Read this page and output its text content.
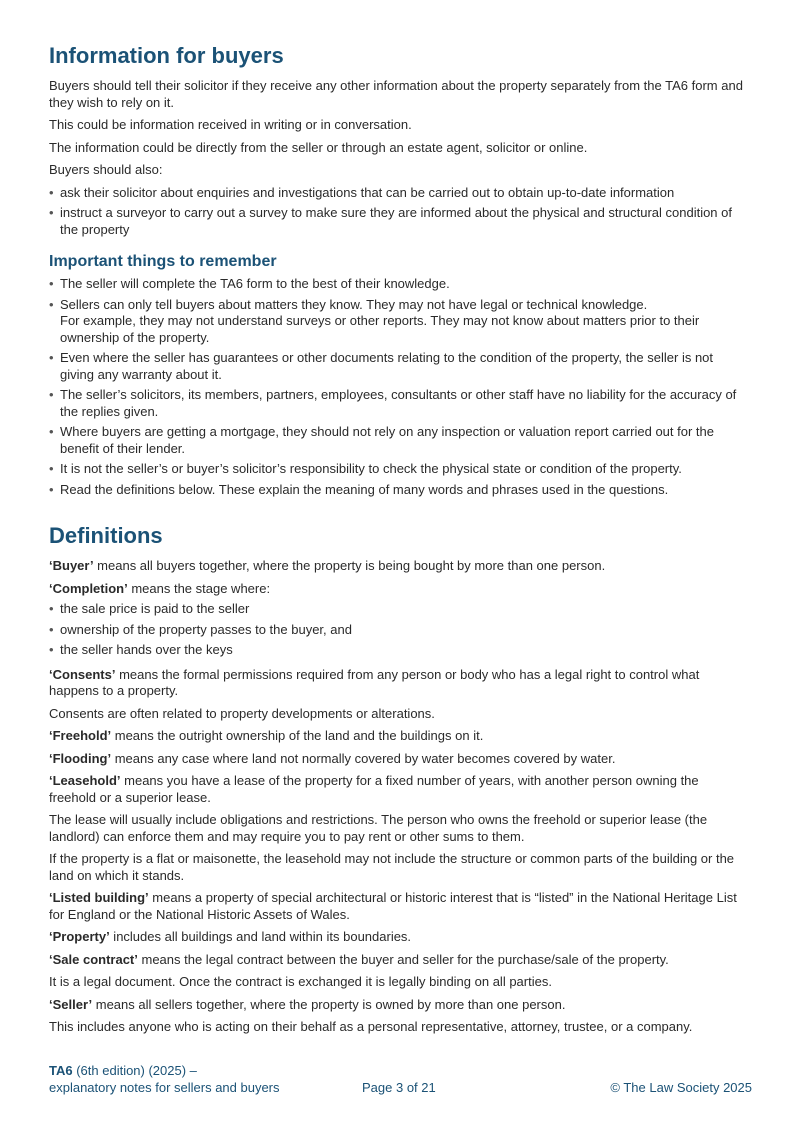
Information for buyers

Buyers should tell their solicitor if they receive any other information about the property separately from the TA6 form and they wish to rely on it.

This could be information received in writing or in conversation.

The information could be directly from the seller or through an estate agent, solicitor or online.

Buyers should also:

• ask their solicitor about enquiries and investigations that can be carried out to obtain up-to-date information
• instruct a surveyor to carry out a survey to make sure they are informed about the physical and structural condition of the property
Important things to remember
• The seller will complete the TA6 form to the best of their knowledge.
• Sellers can only tell buyers about matters they know. They may not have legal or technical knowledge.
For example, they may not understand surveys or other reports. They may not know about matters prior to their ownership of the property.
• Even where the seller has guarantees or other documents relating to the condition of the property, the seller is not giving any warranty about it.
• The seller’s solicitors, its members, partners, employees, consultants or other staff have no liability for the accuracy of the replies given.
• Where buyers are getting a mortgage, they should not rely on any inspection or valuation report carried out for the benefit of their lender.
• It is not the seller’s or buyer’s solicitor’s responsibility to check the physical state or condition of the property.
• Read the definitions below. These explain the meaning of many words and phrases used in the questions.
Definitions

‘Buyer’ means all buyers together, where the property is being bought by more than one person.

‘Completion’ means the stage where:

• the sale price is paid to the seller
• ownership of the property passes to the buyer, and
• the seller hands over the keys

‘Consents’ means the formal permissions required from any person or body who has a legal right to control what happens to a property.

Consents are often related to property developments or alterations.

‘Freehold’ means the outright ownership of the land and the buildings on it.

‘Flooding’ means any case where land not normally covered by water becomes covered by water.

‘Leasehold’ means you have a lease of the property for a fixed number of years, with another person owning the freehold or a superior lease.

The lease will usually include obligations and restrictions. The person who owns the freehold or superior lease (the landlord) can enforce them and may require you to pay rent or other sums to them.

If the property is a flat or maisonette, the leasehold may not include the structure or common parts of the building or the land on which it stands.

‘Listed building’ means a property of special architectural or historic interest that is “listed” in the National Heritage List for England or the National Historic Assets of Wales.

‘Property’ includes all buildings and land within its boundaries.

‘Sale contract’ means the legal contract between the buyer and seller for the purchase/sale of the property.

It is a legal document. Once the contract is exchanged it is legally binding on all parties.

‘Seller’ means all sellers together, where the property is owned by more than one person.

This includes anyone who is acting on their behalf as a personal representative, attorney, trustee, or a company.

TA6 (6th edition) (2025) –
explanatory notes for sellers and buyers	Page 3 of 21	© The Law Society 2025
